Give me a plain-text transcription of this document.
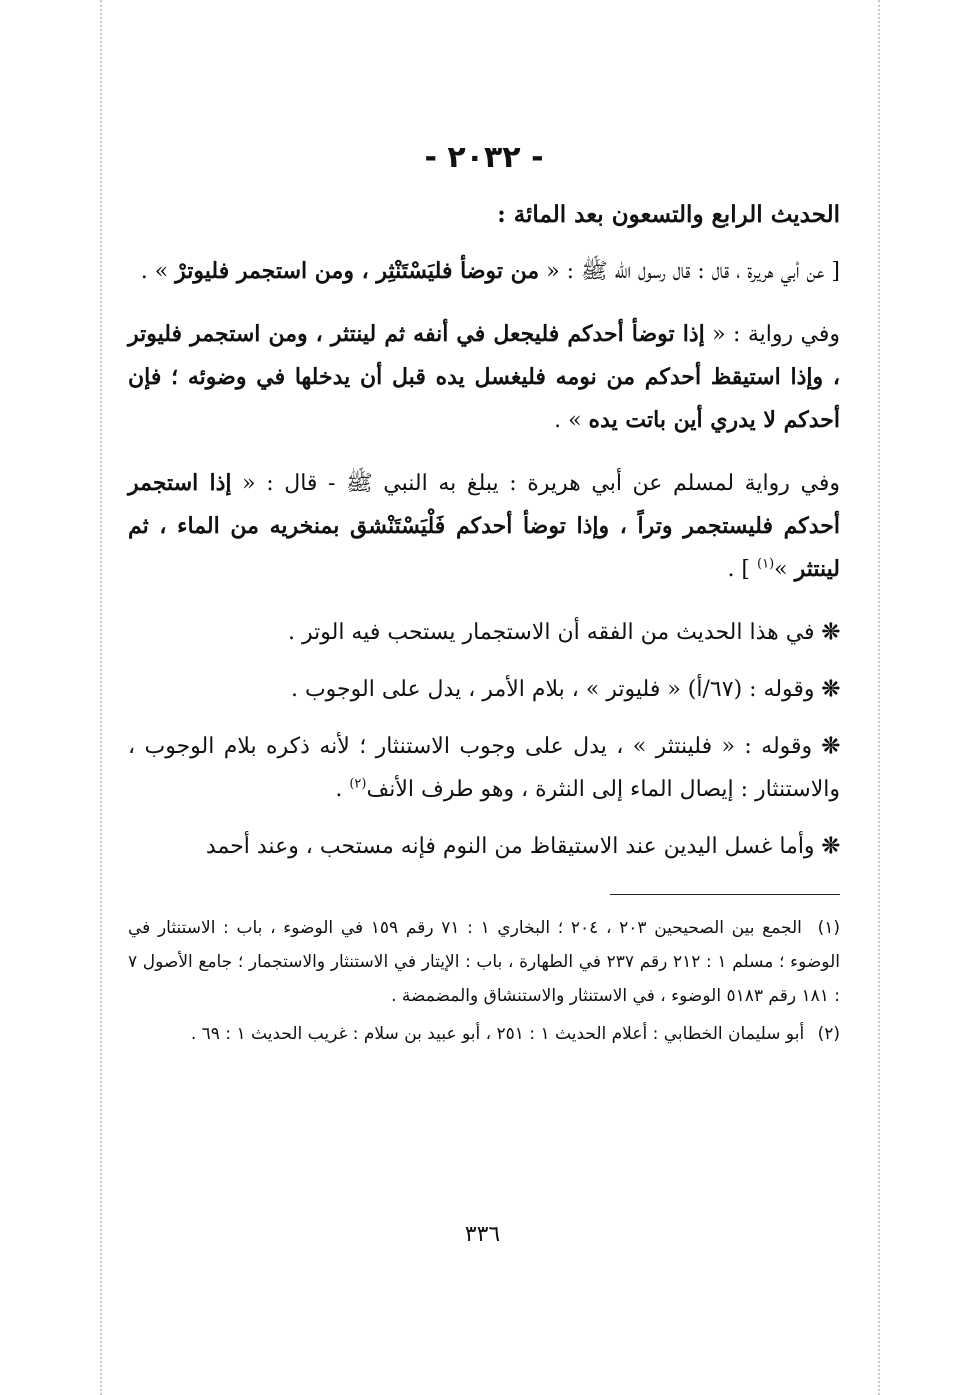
- ٢٠٣٢ -
الحديث الرابع والتسعون بعد المائة :

[ عن أبي هريرة ، قال : قال رسول الله ﷺ : « من توضأ فليَسْتَنْثِر ، ومن استجمر فليوترْ » .

وفي رواية : « إذا توضأ أحدكم فليجعل في أنفه ثم لينتثر ، ومن استجمر فليوتر ، وإذا استيقظ أحدكم من نومه فليغسل يده قبل أن يدخلها في وضوئه ؛ فإن أحدكم لا يدري أين باتت يده » .

وفي رواية لمسلم عن أبي هريرة : يبلغ به النبي ﷺ - قال : « إذا استجمر أحدكم فليستجمر وتراً ، وإذا توضأ أحدكم فَلْيَسْتَنْشق بمنخريه من الماء ، ثم لينتثر »$^{(١)}$ ] .

❊ في هذا الحديث من الفقه أن الاستجمار يستحب فيه الوتر .

❊ وقوله : (٦٧/أ) « فليوتر » ، بلام الأمر ، يدل على الوجوب .

❊ وقوله : « فلينتثر » ، يدل على وجوب الاستنثار ؛ لأنه ذكره بلام الوجوب ، والاستنثار : إيصال الماء إلى النثرة ، وهو طرف الأنف$^{(٢)}$ .

❊ وأما غسل اليدين عند الاستيقاظ من النوم فإنه مستحب ، وعند أحمد

(١) الجمع بين الصحيحين ٢٠٣ ، ٢٠٤ ؛ البخاري ١ : ٧١ رقم ١٥٩ في الوضوء ، باب : الاستنثار في الوضوء ؛ مسلم ١ : ٢١٢ رقم ٢٣٧ في الطهارة ، باب : الإيتار في الاستنثار والاستجمار ؛ جامع الأصول ٧ : ١٨١ رقم ٥١٨٣ الوضوء ، في الاستنثار والاستنشاق والمضمضة .

(٢) أبو سليمان الخطابي : أعلام الحديث ١ : ٢٥١ ، أبو عبيد بن سلام : غريب الحديث ١ : ٦٩ .

٣٣٦
